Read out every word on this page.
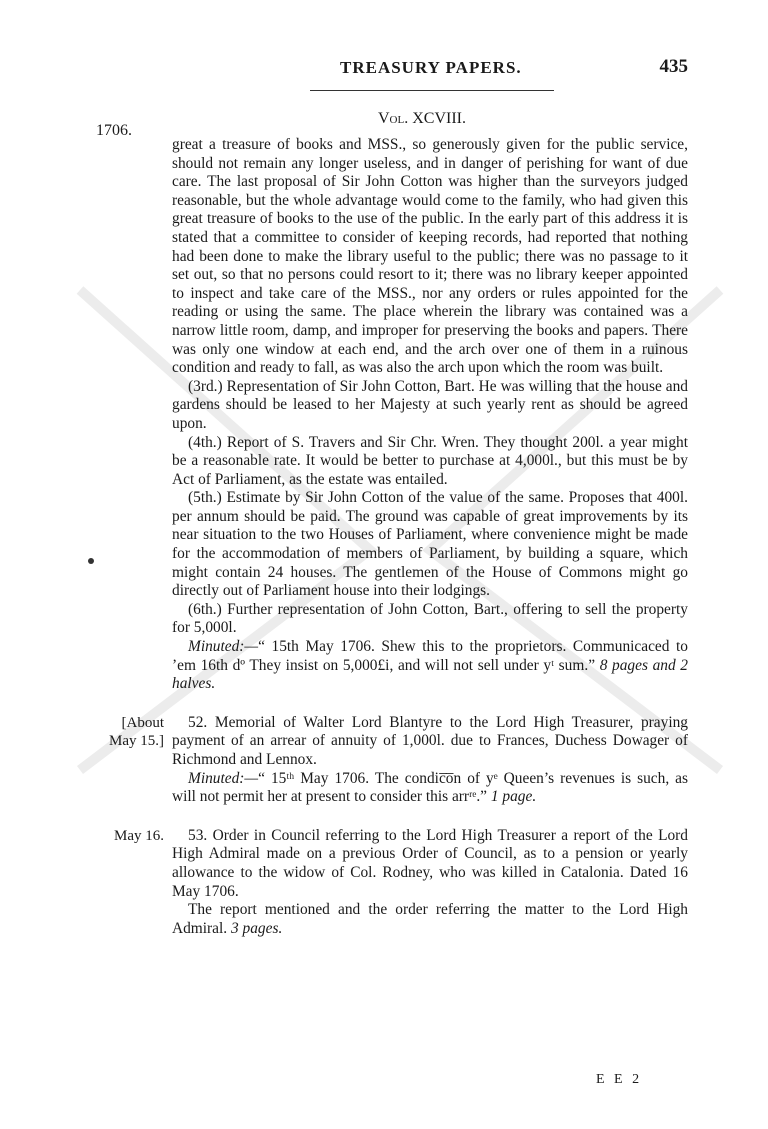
TREASURY PAPERS.	435
Vol. XCVIII.
1706.

great a treasure of books and MSS., so generously given for the public service, should not remain any longer useless, and in danger of perishing for want of due care. The last proposal of Sir John Cotton was higher than the surveyors judged reasonable, but the whole advantage would come to the family, who had given this great treasure of books to the use of the public. In the early part of this address it is stated that a committee to consider of keeping records, had reported that nothing had been done to make the library useful to the public; there was no passage to it set out, so that no persons could resort to it; there was no library keeper appointed to inspect and take care of the MSS., nor any orders or rules appointed for the reading or using the same. The place wherein the library was contained was a narrow little room, damp, and improper for preserving the books and papers. There was only one window at each end, and the arch over one of them in a ruinous condition and ready to fall, as was also the arch upon which the room was built.

(3rd.) Representation of Sir John Cotton, Bart. He was willing that the house and gardens should be leased to her Majesty at such yearly rent as should be agreed upon.

(4th.) Report of S. Travers and Sir Chr. Wren. They thought 200l. a year might be a reasonable rate. It would be better to purchase at 4,000l., but this must be by Act of Parliament, as the estate was entailed.

(5th.) Estimate by Sir John Cotton of the value of the same. Proposes that 400l. per annum should be paid. The ground was capable of great improvements by its near situation to the two Houses of Parliament, where convenience might be made for the accommodation of members of Parliament, by building a square, which might contain 24 houses. The gentlemen of the House of Commons might go directly out of Parliament house into their lodgings.

(6th.) Further representation of John Cotton, Bart., offering to sell the property for 5,000l.

Minuted:—“ 15th May 1706. Shew this to the proprietors. Communicaced to ’em 16th dº They insist on 5,000£i, and will not sell under yᵗ sum.” 8 pages and 2 halves.

[About May 15.]
52. Memorial of Walter Lord Blantyre to the Lord High Treasurer, praying payment of an arrear of annuity of 1,000l. due to Frances, Duchess Dowager of Richmond and Lennox.

Minuted:—“ 15ᵗʰ May 1706. The condic̅o̅n of yᵉ Queen’s revenues is such, as will not permit her at present to consider this arrʳᵉ.” 1 page.

May 16. 53. Order in Council referring to the Lord High Treasurer a report of the Lord High Admiral made on a previous Order of Council, as to a pension or yearly allowance to the widow of Col. Rodney, who was killed in Catalonia. Dated 16 May 1706.

The report mentioned and the order referring the matter to the Lord High Admiral. 3 pages.

E E 2
